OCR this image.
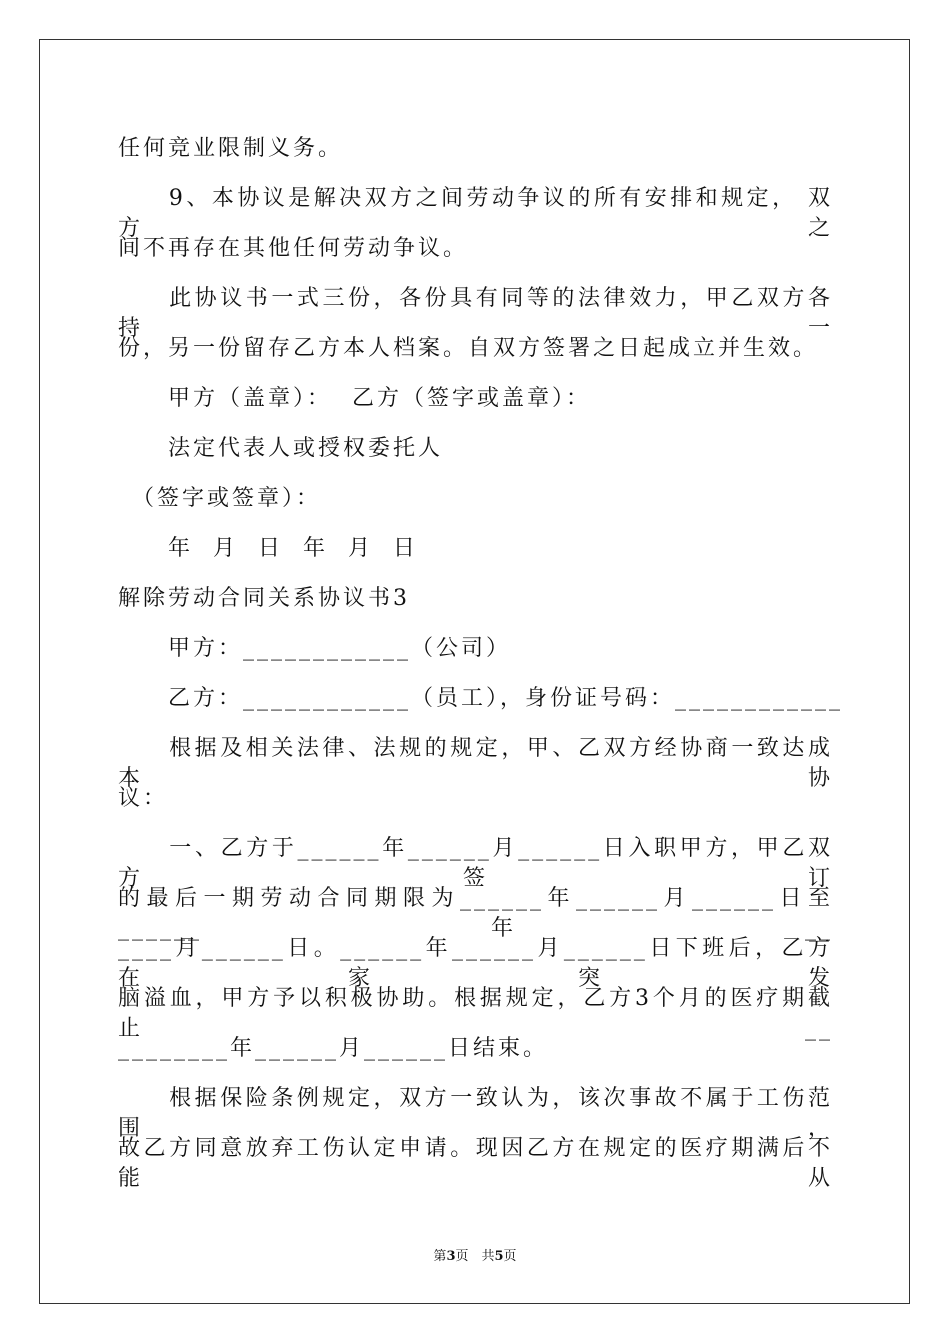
任何竞业限制义务。
　　9、本协议是解决双方之间劳动争议的所有安排和规定， 双方之
间不再存在其他任何劳动争议。
　　此协议书一式三份，各份具有同等的法律效力，甲乙双方各持一
份，另一份留存乙方本人档案。自双方签署之日起成立并生效。
　　甲方（盖章）：  乙方（签字或盖章）：
　　法定代表人或授权委托人
　（签字或签章）：
　　年  月  日  年  月  日
解除劳动合同关系协议书3
　　甲方：____________（公司）
　　乙方：____________（员工），身份证号码：____________
　　根据及相关法律、法规的规定，甲、乙双方经协商一致达成本协
议：
　　一、乙方于______年______月______日入职甲方，甲乙双方签订
的最后一期劳动合同期限为______年______月______日至______年__
____月______日。______年______月______日下班后，乙方在家突发
脑溢血，甲方予以积极协助。根据规定，乙方3个月的医疗期截止__
________年______月______日结束。
　　根据保险条例规定，双方一致认为，该次事故不属于工伤范围，
故乙方同意放弃工伤认定申请。现因乙方在规定的医疗期满后不能从
第3页　共5页
